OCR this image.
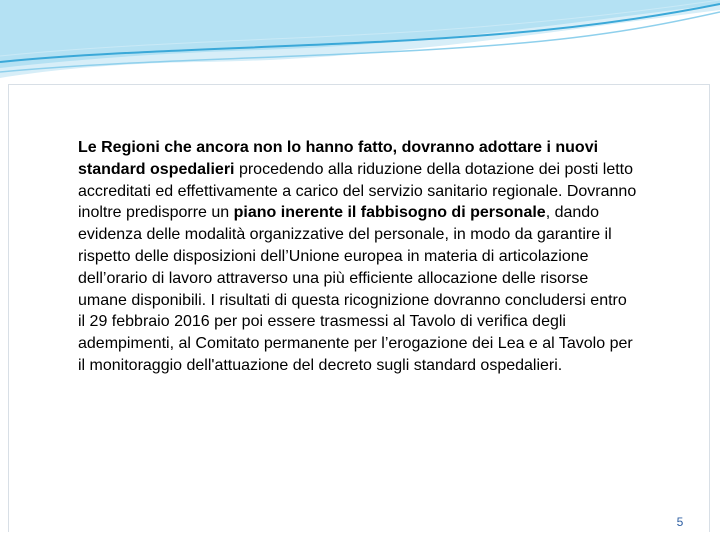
Le Regioni che ancora non lo hanno fatto, dovranno adottare i nuovi standard ospedalieri procedendo alla riduzione della dotazione dei posti letto accreditati ed effettivamente a carico del servizio sanitario regionale. Dovranno inoltre predisporre un piano inerente il fabbisogno di personale, dando evidenza delle modalità organizzative del personale, in modo da garantire il rispetto delle disposizioni dell’Unione europea in materia di articolazione dell’orario di lavoro attraverso una più efficiente allocazione delle risorse umane disponibili. I risultati di questa ricognizione dovranno concludersi entro il 29 febbraio 2016 per poi essere trasmessi al Tavolo di verifica degli adempimenti, al Comitato permanente per l’erogazione dei Lea e al Tavolo per il monitoraggio dell'attuazione del decreto sugli standard ospedalieri.

5
